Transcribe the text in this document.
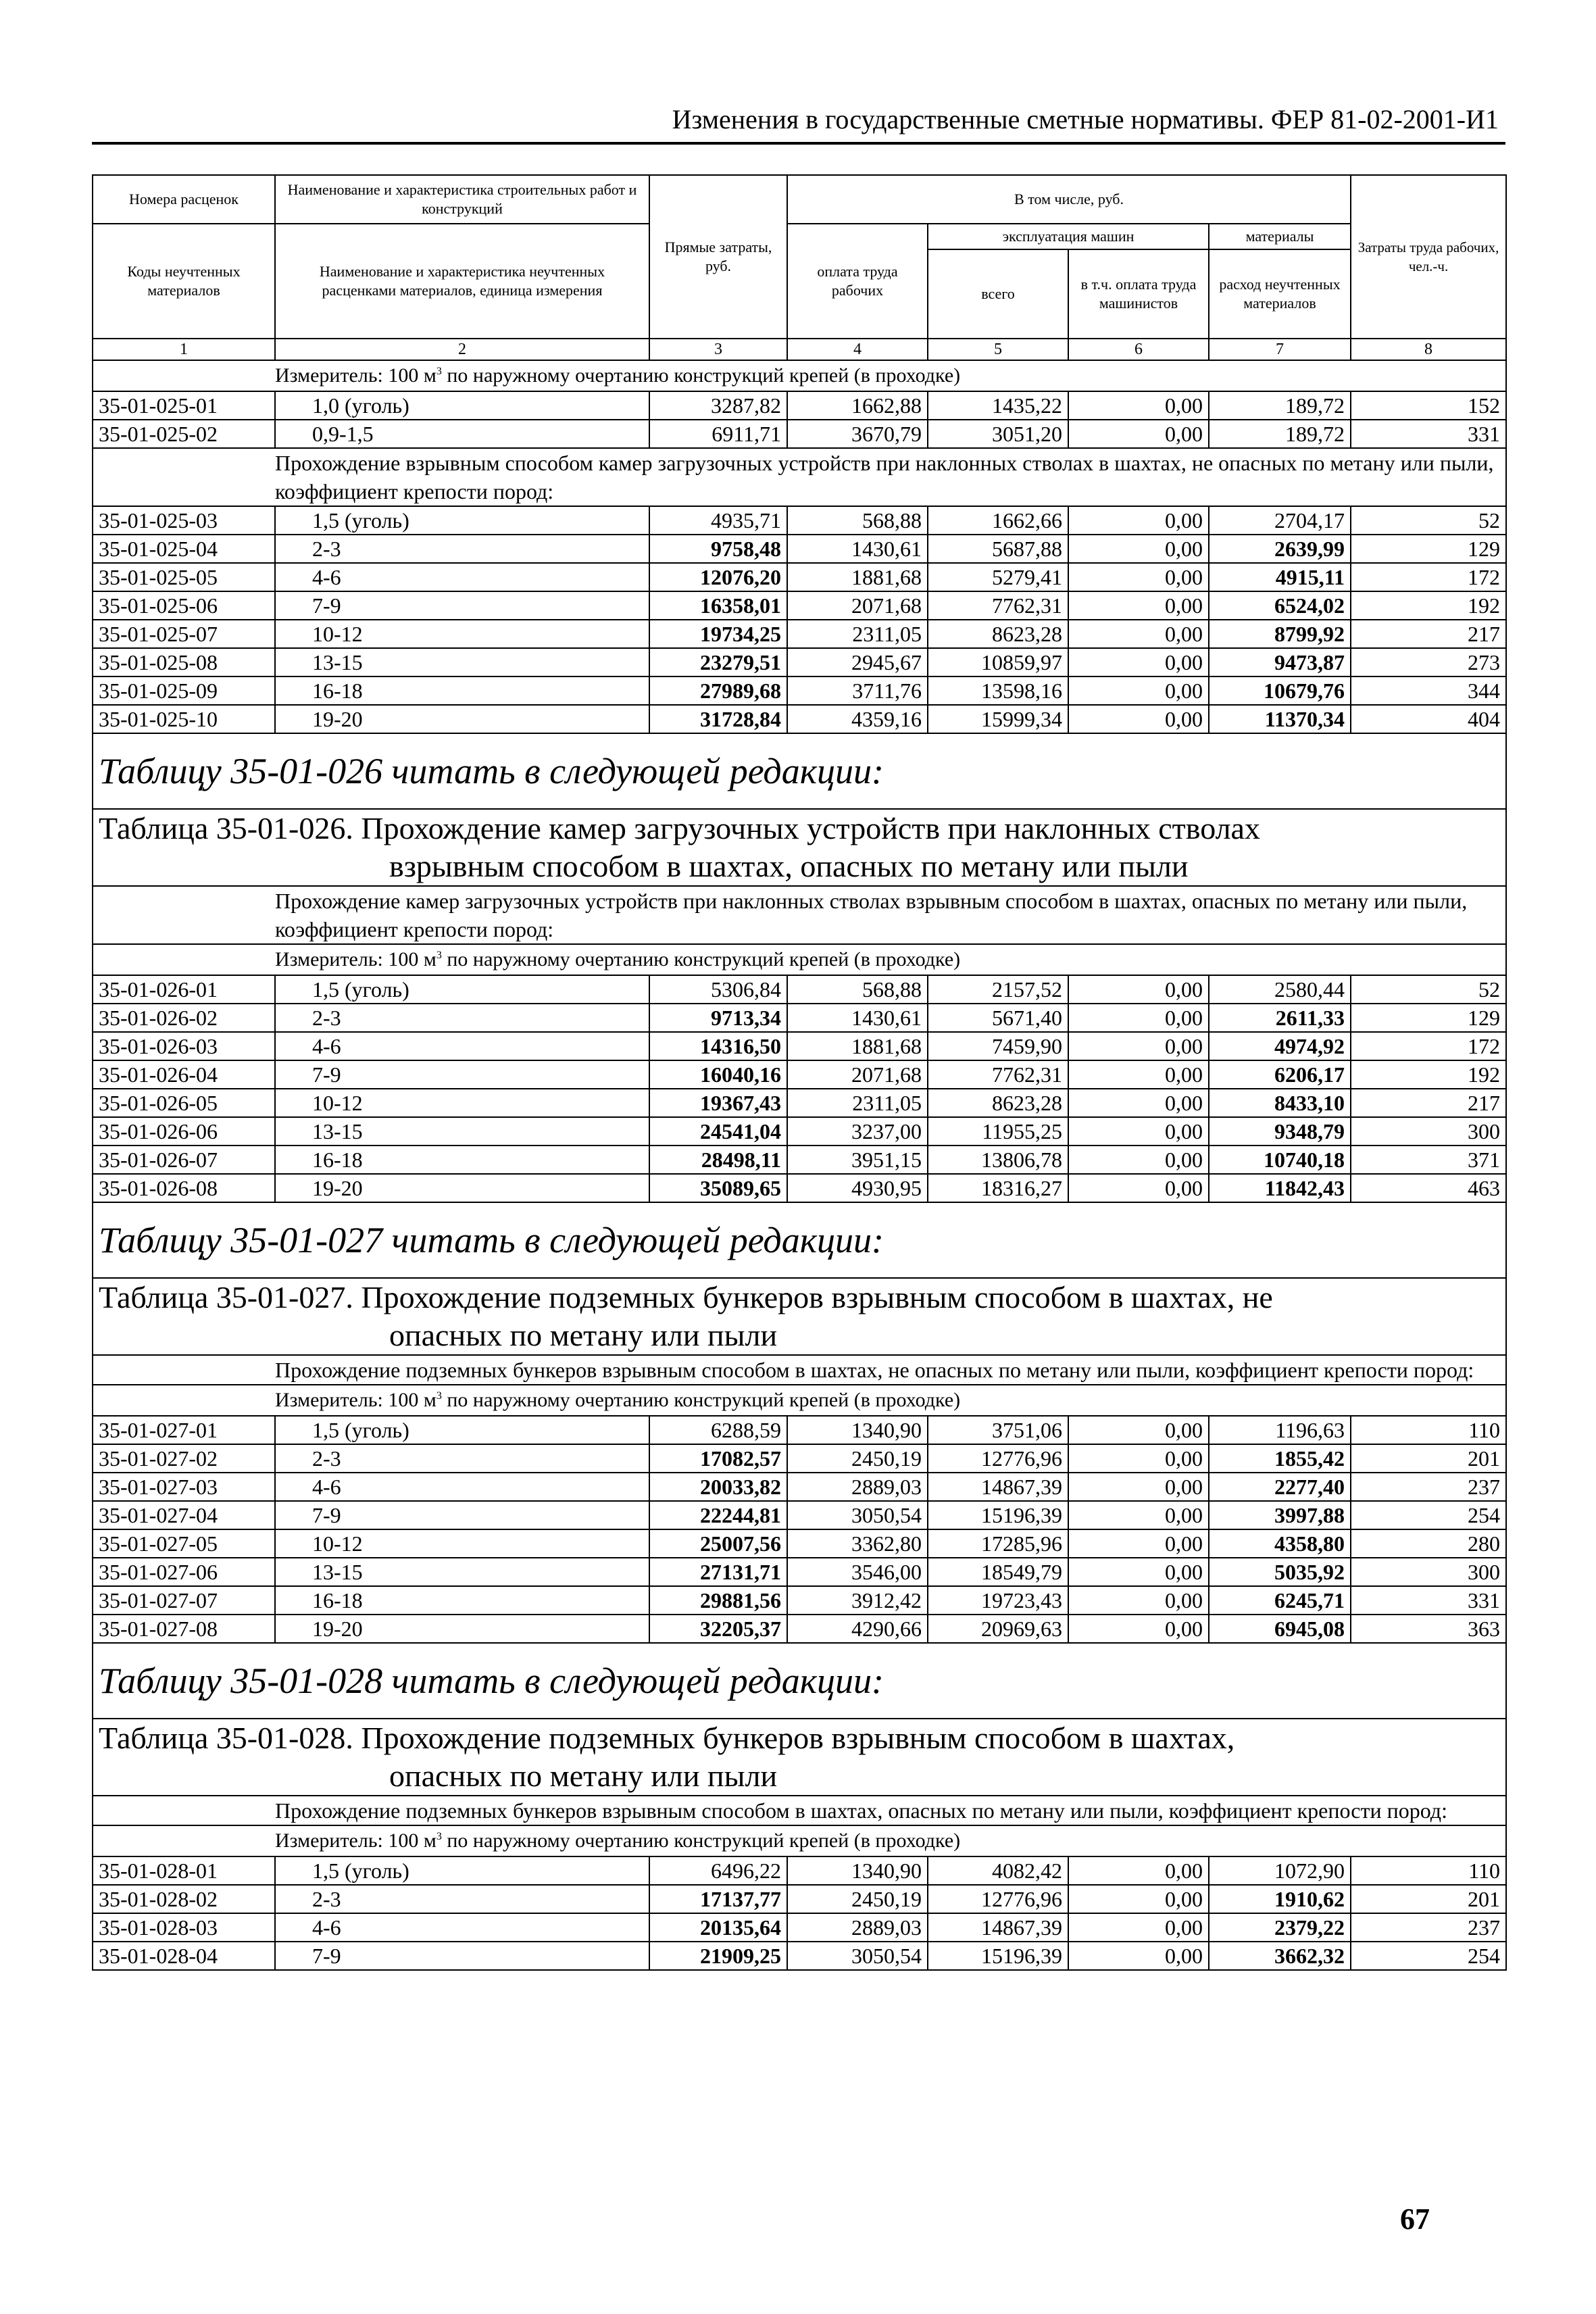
Изменения в государственные сметные нормативы. ФЕР 81-02-2001-И1
Номера расценок	Наименование и характеристика строительных работ и конструкций	Прямые затраты, руб.	В том числе, руб.				Затраты труда рабочих, чел.-ч.
Коды неучтенных материалов	Наименование и характеристика неучтенных расценками материалов, единица измерения		оплата труда рабочих	эксплуатация машин		материалы	
				всего	в т.ч. оплата труда машинистов	расход неучтенных материалов	
1	2	3	4	5	6	7	8
	Измеритель: 100 $м^3$ по наружному очертанию конструкций крепей (в проходке)						
35-01-025-01	1,0 (уголь)	3287,82	1662,88	1435,22	0,00	189,72	152
35-01-025-02	0,9-1,5	6911,71	3670,79	3051,20	0,00	189,72	331
	Прохождение взрывным способом камер загрузочных устройств при наклонных стволах в шахтах, не опасных по метану или пыли, коэффициент крепости пород:						
35-01-025-03	1,5 (уголь)	4935,71	568,88	1662,66	0,00	2704,17	52
35-01-025-04	2-3	9758,48	1430,61	5687,88	0,00	2639,99	129
35-01-025-05	4-6	12076,20	1881,68	5279,41	0,00	4915,11	172
35-01-025-06	7-9	16358,01	2071,68	7762,31	0,00	6524,02	192
35-01-025-07	10-12	19734,25	2311,05	8623,28	0,00	8799,92	217
35-01-025-08	13-15	23279,51	2945,67	10859,97	0,00	9473,87	273
35-01-025-09	16-18	27989,68	3711,76	13598,16	0,00	10679,76	344
35-01-025-10	19-20	31728,84	4359,16	15999,34	0,00	11370,34	404
Таблицу 35-01-026 читать в следующей редакции:							
Таблица 35-01-026. Прохождение камер загрузочных устройств при наклонных стволах
взрывным способом в шахтах, опасных по метану или пыли							

	Прохождение камер загрузочных устройств при наклонных стволах взрывным способом в шахтах, опасных по метану или пыли, коэффициент крепости пород:						
	Измеритель: 100 $м^3$ по наружному очертанию конструкций крепей (в проходке)						
35-01-026-01	1,5 (уголь)	5306,84	568,88	2157,52	0,00	2580,44	52
35-01-026-02	2-3	9713,34	1430,61	5671,40	0,00	2611,33	129
35-01-026-03	4-6	14316,50	1881,68	7459,90	0,00	4974,92	172
35-01-026-04	7-9	16040,16	2071,68	7762,31	0,00	6206,17	192
35-01-026-05	10-12	19367,43	2311,05	8623,28	0,00	8433,10	217
35-01-026-06	13-15	24541,04	3237,00	11955,25	0,00	9348,79	300
35-01-026-07	16-18	28498,11	3951,15	13806,78	0,00	10740,18	371
35-01-026-08	19-20	35089,65	4930,95	18316,27	0,00	11842,43	463
Таблицу 35-01-027 читать в следующей редакции:							
Таблица 35-01-027. Прохождение подземных бункеров взрывным способом в шахтах, не
опасных по метану или пыли							

	Прохождение подземных бункеров взрывным способом в шахтах, не опасных по метану или пыли, коэффициент крепости пород:						
	Измеритель: 100 $м^3$ по наружному очертанию конструкций крепей (в проходке)						
35-01-027-01	1,5 (уголь)	6288,59	1340,90	3751,06	0,00	1196,63	110
35-01-027-02	2-3	17082,57	2450,19	12776,96	0,00	1855,42	201
35-01-027-03	4-6	20033,82	2889,03	14867,39	0,00	2277,40	237
35-01-027-04	7-9	22244,81	3050,54	15196,39	0,00	3997,88	254
35-01-027-05	10-12	25007,56	3362,80	17285,96	0,00	4358,80	280
35-01-027-06	13-15	27131,71	3546,00	18549,79	0,00	5035,92	300
35-01-027-07	16-18	29881,56	3912,42	19723,43	0,00	6245,71	331
35-01-027-08	19-20	32205,37	4290,66	20969,63	0,00	6945,08	363
Таблицу 35-01-028 читать в следующей редакции:							
Таблица 35-01-028. Прохождение подземных бункеров взрывным способом в шахтах,
опасных по метану или пыли							

	Прохождение подземных бункеров взрывным способом в шахтах, опасных по метану или пыли, коэффициент крепости пород:						
	Измеритель: 100 $м^3$ по наружному очертанию конструкций крепей (в проходке)						
35-01-028-01	1,5 (уголь)	6496,22	1340,90	4082,42	0,00	1072,90	110
35-01-028-02	2-3	17137,77	2450,19	12776,96	0,00	1910,62	201
35-01-028-03	4-6	20135,64	2889,03	14867,39	0,00	2379,22	237
35-01-028-04	7-9	21909,25	3050,54	15196,39	0,00	3662,32	254
67
